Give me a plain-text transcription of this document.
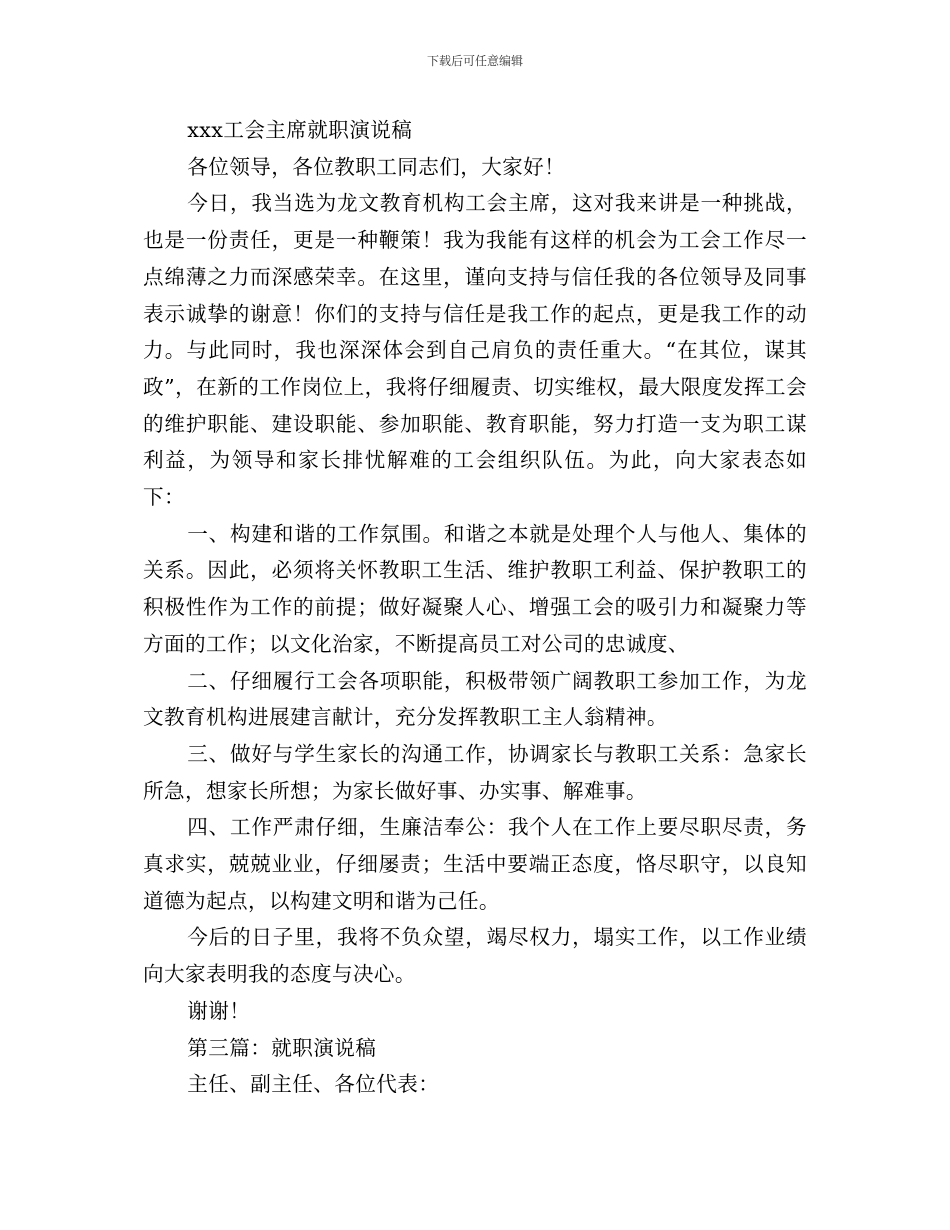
下载后可任意编辑

xxx工会主席就职演说稿

各位领导，各位教职工同志们，大家好！

今日，我当选为龙文教育机构工会主席，这对我来讲是一种挑战，也是一份责任，更是一种鞭策！我为我能有这样的机会为工会工作尽一点绵薄之力而深感荣幸。在这里，谨向支持与信任我的各位领导及同事表示诚挚的谢意！你们的支持与信任是我工作的起点，更是我工作的动力。与此同时，我也深深体会到自己肩负的责任重大。“在其位，谋其政”，在新的工作岗位上，我将仔细履责、切实维权，最大限度发挥工会的维护职能、建设职能、参加职能、教育职能，努力打造一支为职工谋利益，为领导和家长排忧解难的工会组织队伍。为此，向大家表态如下：

一、构建和谐的工作氛围。和谐之本就是处理个人与他人、集体的关系。因此，必须将关怀教职工生活、维护教职工利益、保护教职工的积极性作为工作的前提；做好凝聚人心、增强工会的吸引力和凝聚力等方面的工作；以文化治家，不断提高员工对公司的忠诚度、

二、仔细履行工会各项职能，积极带领广阔教职工参加工作，为龙文教育机构进展建言献计，充分发挥教职工主人翁精神。

三、做好与学生家长的沟通工作，协调家长与教职工关系：急家长所急，想家长所想；为家长做好事、办实事、解难事。

四、工作严肃仔细，生廉洁奉公：我个人在工作上要尽职尽责，务真求实，兢兢业业，仔细屡责；生活中要端正态度，恪尽职守，以良知道德为起点，以构建文明和谐为己任。

今后的日子里，我将不负众望，竭尽权力，塌实工作，以工作业绩向大家表明我的态度与决心。

谢谢！

第三篇：就职演说稿

主任、副主任、各位代表：
